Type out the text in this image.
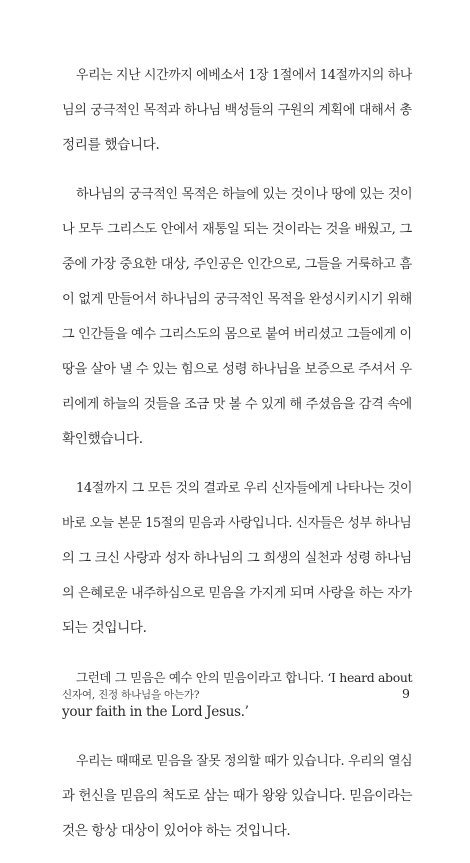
우리는 지난 시간까지 에베소서 1장 1절에서 14절까지의 하나
님의 궁극적인 목적과 하나님 백성들의 구원의 계획에 대해서 총
정리를 했습니다.
하나님의 궁극적인 목적은 하늘에 있는 것이나 땅에 있는 것이
나 모두 그리스도 안에서 재통일 되는 것이라는 것을 배웠고, 그
중에 가장 중요한 대상, 주인공은 인간으로, 그들을 거룩하고 흠
이 없게 만들어서 하나님의 궁극적인 목적을 완성시키시기 위해
그 인간들을 예수 그리스도의 몸으로 붙여 버리셨고 그들에게 이
땅을 살아 낼 수 있는 힘으로 성령 하나님을 보증으로 주셔서 우
리에게 하늘의 것들을 조금 맛 볼 수 있게 해 주셨음을 감격 속에
확인했습니다.
14절까지 그 모든 것의 결과로 우리 신자들에게 나타나는 것이
바로 오늘 본문 15절의 믿음과 사랑입니다. 신자들은 성부 하나님
의 그 크신 사랑과 성자 하나님의 그 희생의 실천과 성령 하나님
의 은혜로운 내주하심으로 믿음을 가지게 되며 사랑을 하는 자가
되는 것입니다.
그런데 그 믿음은 예수 안의 믿음이라고 합니다. ‘I heard about
your faith in the Lord Jesus.’
우리는 때때로 믿음을 잘못 정의할 때가 있습니다. 우리의 열심
과 헌신을 믿음의 척도로 삼는 때가 왕왕 있습니다. 믿음이라는
것은 항상 대상이 있어야 하는 것입니다.
신자여, 진정 하나님을 아는가?	9
